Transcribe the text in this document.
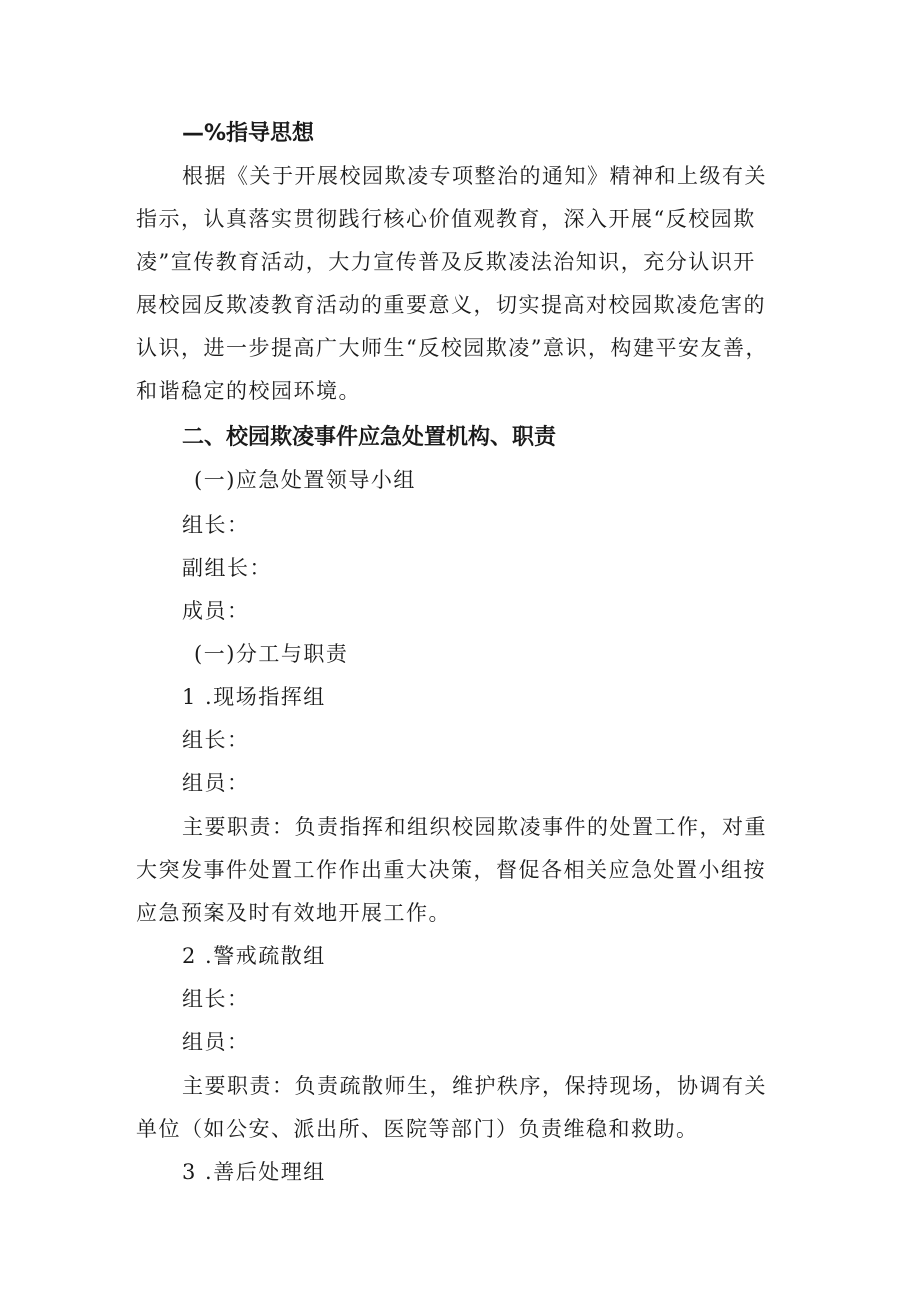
—%指导思想
根据《关于开展校园欺凌专项整治的通知》精神和上级有关
指示，认真落实贯彻践行核心价值观教育，深入开展“反校园欺
凌”宣传教育活动，大力宣传普及反欺凌法治知识，充分认识开
展校园反欺凌教育活动的重要意义，切实提高对校园欺凌危害的
认识，进一步提高广大师生“反校园欺凌”意识，构建平安友善，
和谐稳定的校园环境。
二、校园欺凌事件应急处置机构、职责
(一)应急处置领导小组
组长：
副组长：
成员：
(一)分工与职责
1 .现场指挥组
组长：
组员：
主要职责：负责指挥和组织校园欺凌事件的处置工作，对重
大突发事件处置工作作出重大决策，督促各相关应急处置小组按
应急预案及时有效地开展工作。
2 .警戒疏散组
组长：
组员：
主要职责：负责疏散师生，维护秩序，保持现场，协调有关
单位（如公安、派出所、医院等部门）负责维稳和救助。
3 .善后处理组
